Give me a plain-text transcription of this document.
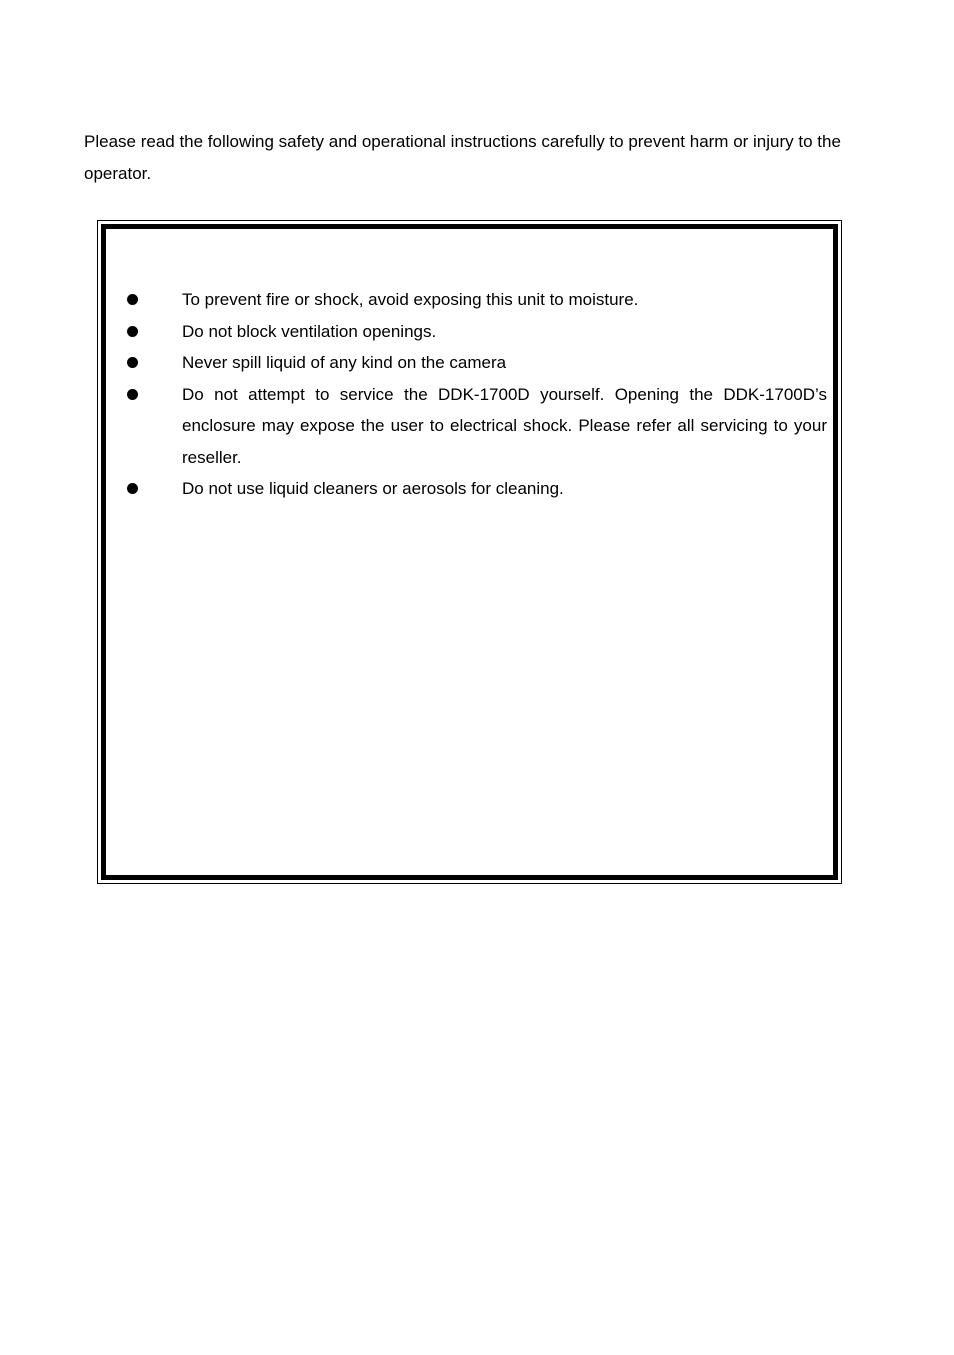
Please read the following safety and operational instructions carefully to prevent harm or injury to the operator.

To prevent fire or shock, avoid exposing this unit to moisture.
Do not block ventilation openings.
Never spill liquid of any kind on the camera
Do not attempt to service the DDK-1700D yourself. Opening the DDK-1700D’s enclosure may expose the user to electrical shock. Please refer all servicing to your reseller.
Do not use liquid cleaners or aerosols for cleaning.
